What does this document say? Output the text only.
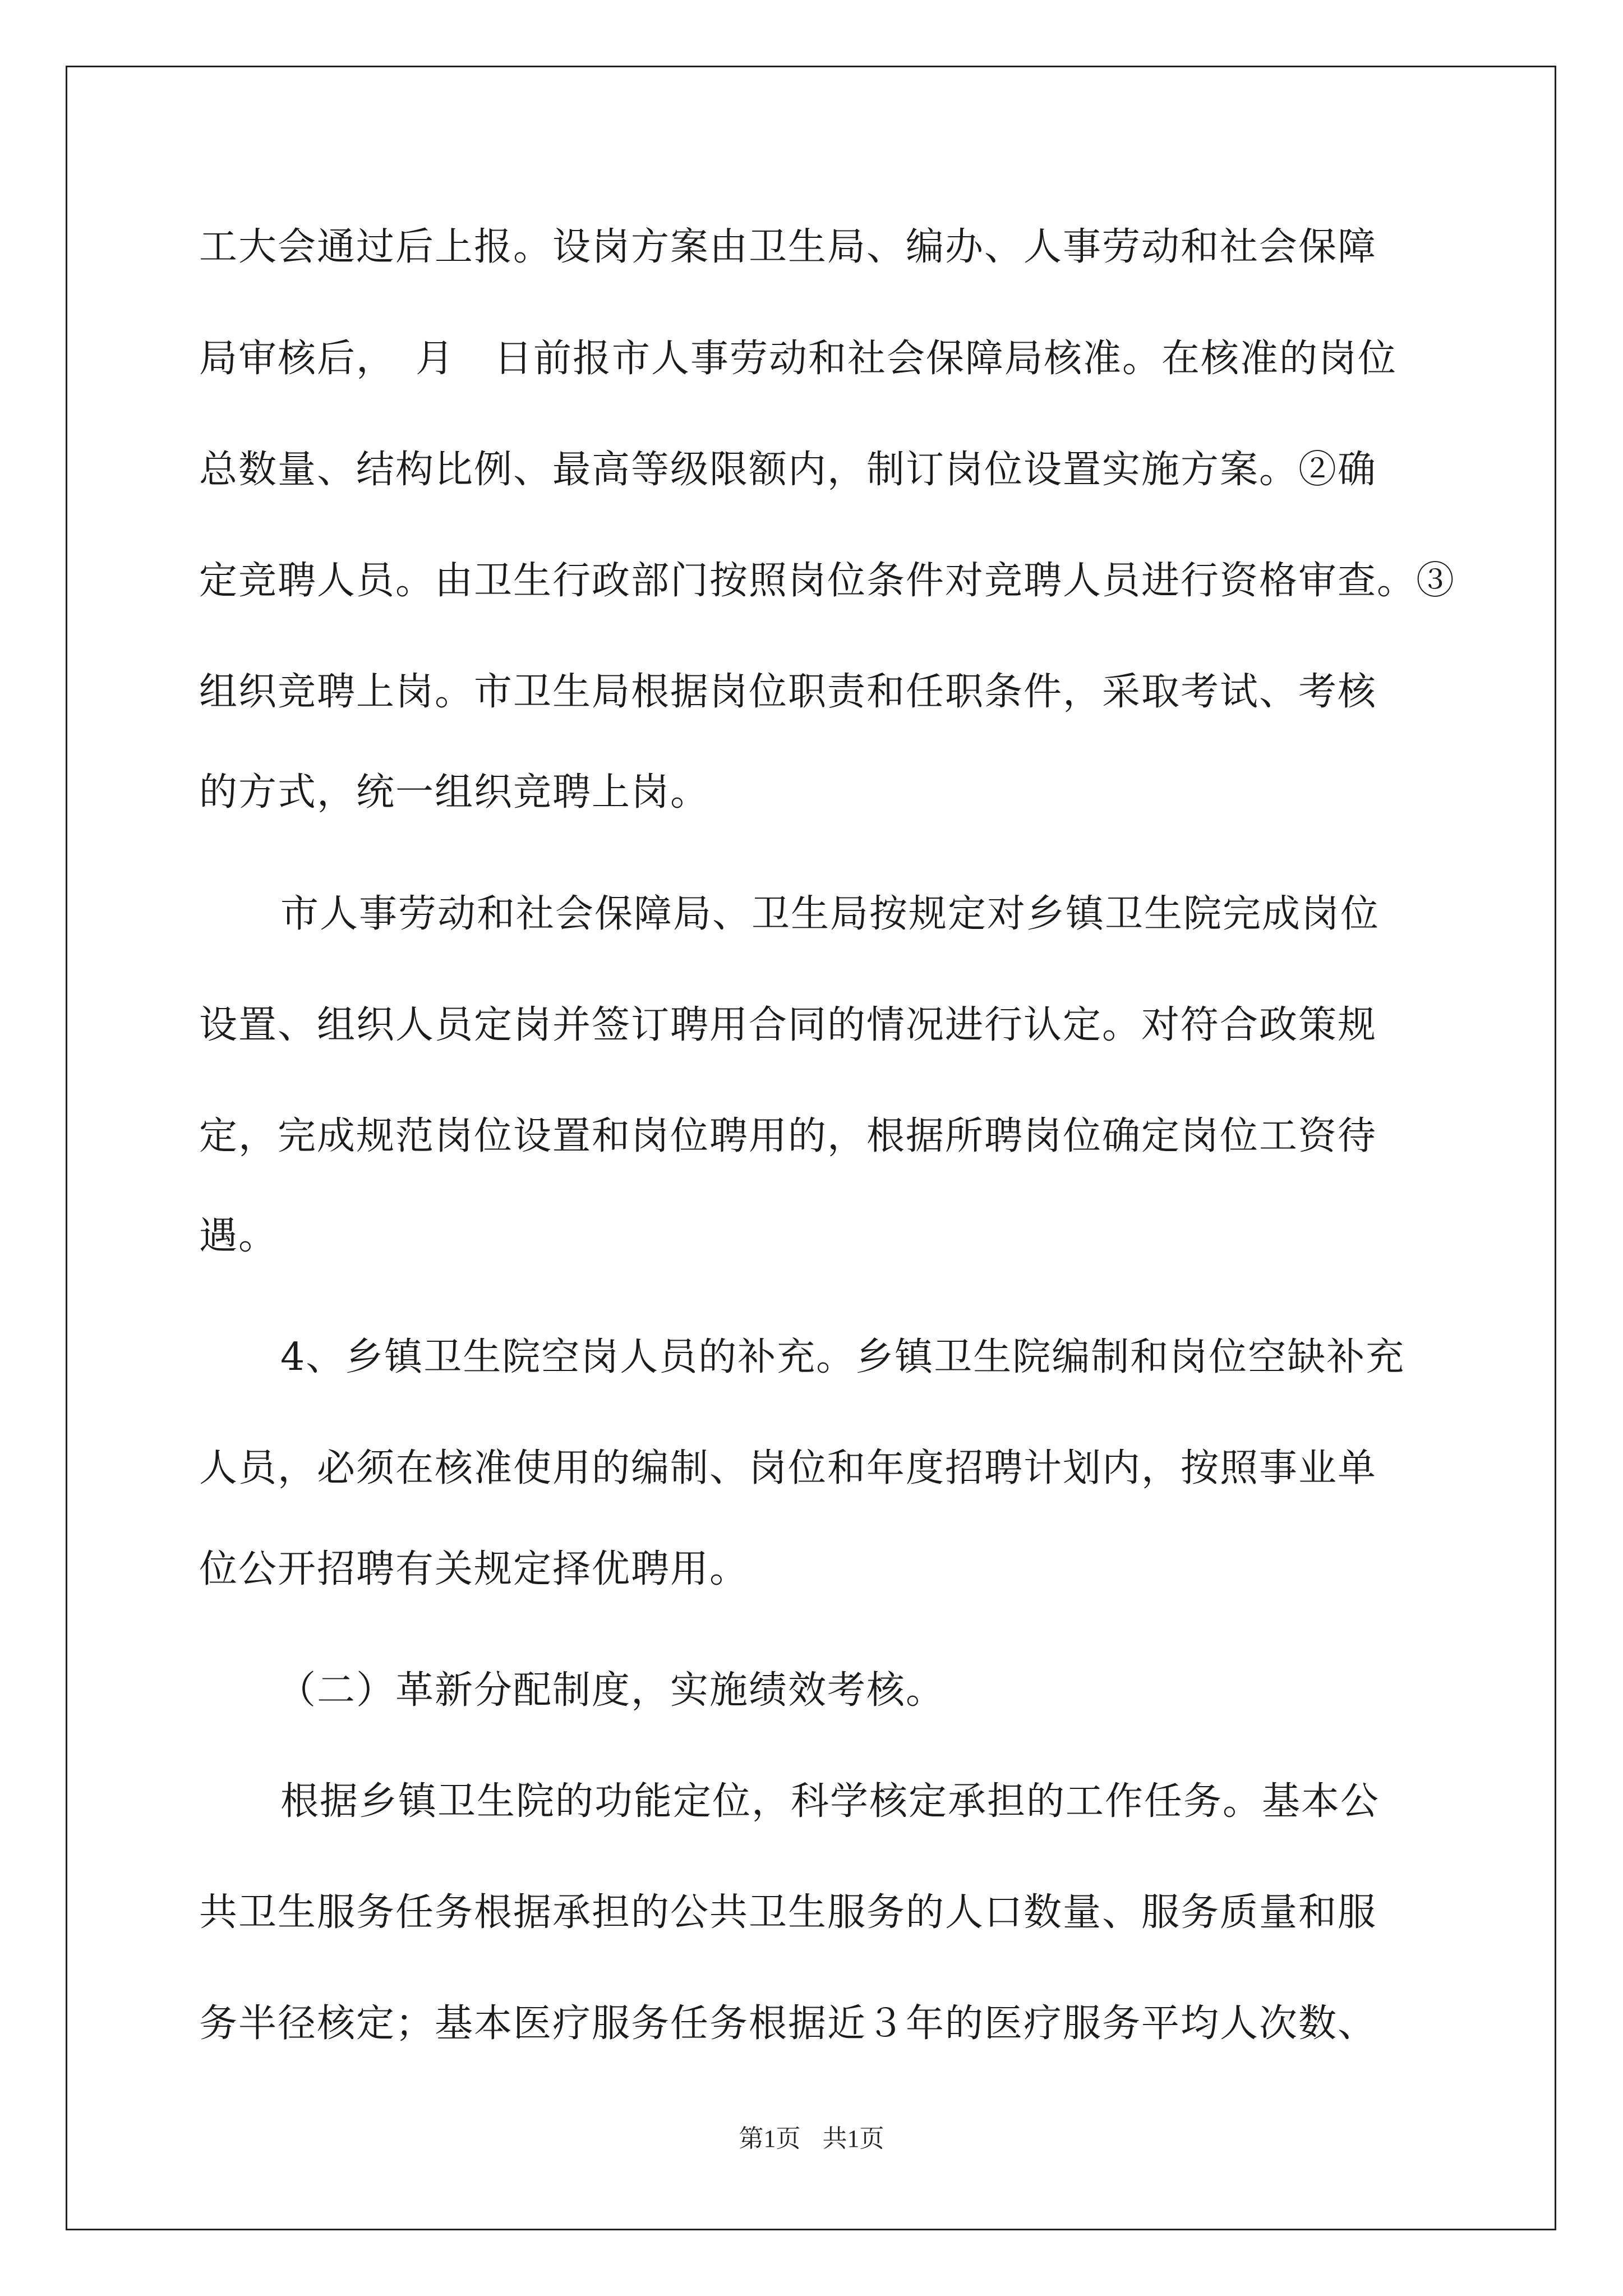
工大会通过后上报。设岗方案由卫生局、编办、人事劳动和社会保障
局审核后，　月　日前报市人事劳动和社会保障局核准。在核准的岗位
总数量、结构比例、最高等级限额内，制订岗位设置实施方案。②确
定竞聘人员。由卫生行政部门按照岗位条件对竞聘人员进行资格审查。③
组织竞聘上岗。市卫生局根据岗位职责和任职条件，采取考试、考核
的方式，统一组织竞聘上岗。
市人事劳动和社会保障局、卫生局按规定对乡镇卫生院完成岗位
设置、组织人员定岗并签订聘用合同的情况进行认定。对符合政策规
定，完成规范岗位设置和岗位聘用的，根据所聘岗位确定岗位工资待
遇。
4、乡镇卫生院空岗人员的补充。乡镇卫生院编制和岗位空缺补充
人员，必须在核准使用的编制、岗位和年度招聘计划内，按照事业单
位公开招聘有关规定择优聘用。
（二）革新分配制度，实施绩效考核。
根据乡镇卫生院的功能定位，科学核定承担的工作任务。基本公
共卫生服务任务根据承担的公共卫生服务的人口数量、服务质量和服
务半径核定；基本医疗服务任务根据近３年的医疗服务平均人次数、
第1页 共1页
